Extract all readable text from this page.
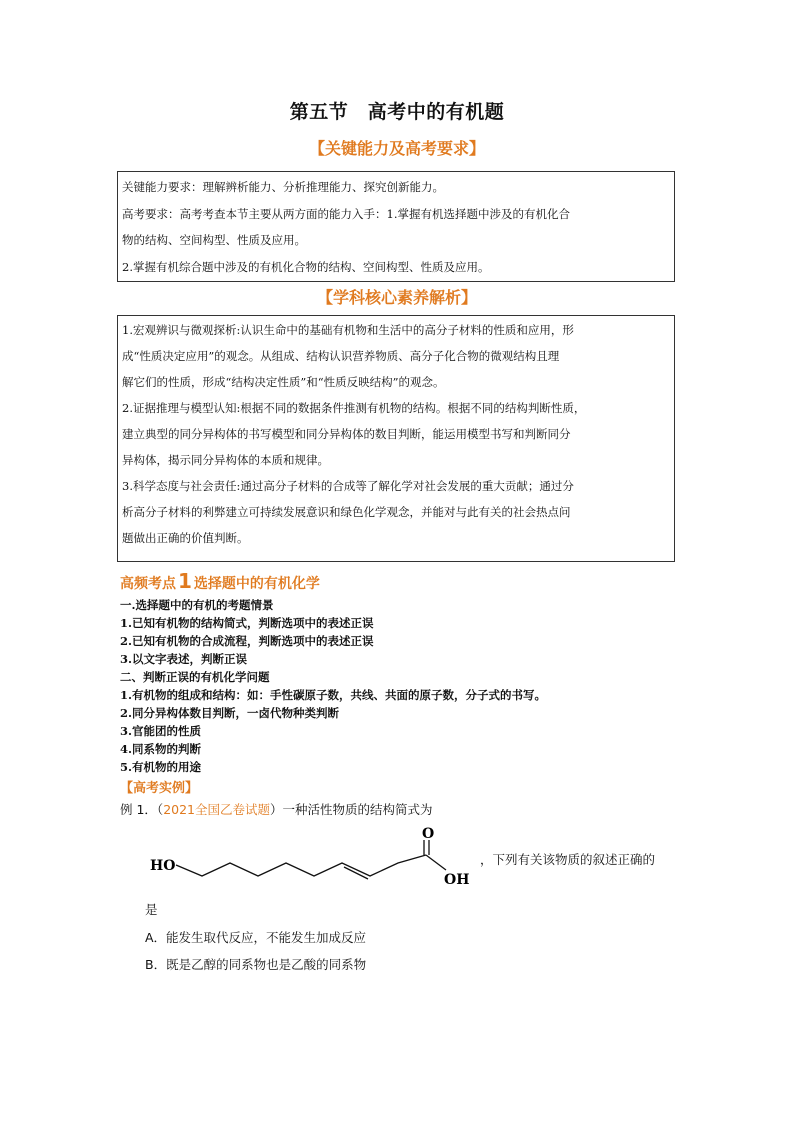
第五节　高考中的有机题
【关键能力及高考要求】

关键能力要求：理解辨析能力、分析推理能力、探究创新能力。

高考要求：高考考查本节主要从两方面的能力入手：1.掌握有机选择题中涉及的有机化合

物的结构、空间构型、性质及应用。

2.掌握有机综合题中涉及的有机化合物的结构、空间构型、性质及应用。

【学科核心素养解析】

1.宏观辨识与微观探析:认识生命中的基础有机物和生活中的高分子材料的性质和应用，形

成“性质决定应用”的观念。从组成、结构认识营养物质、高分子化合物的微观结构且理

解它们的性质，形成“结构决定性质”和“性质反映结构”的观念。

2.证据推理与模型认知:根据不同的数据条件推测有机物的结构。根据不同的结构判断性质，

建立典型的同分异构体的书写模型和同分异构体的数目判断，能运用模型书写和判断同分

异构体，揭示同分异构体的本质和规律。

3.科学态度与社会责任:通过高分子材料的合成等了解化学对社会发展的重大贡献；通过分

析高分子材料的利弊建立可持续发展意识和绿色化学观念，并能对与此有关的社会热点问

题做出正确的价值判断。

高频考点 1 选择题中的有机化学

一.选择题中的有机的考题情景

1.已知有机物的结构简式，判断选项中的表述正误

2.已知有机物的合成流程，判断选项中的表述正误

3.以文字表述，判断正误

二、判断正误的有机化学问题

1.有机物的组成和结构：如：手性碳原子数，共线、共面的原子数，分子式的书写。

2.同分异构体数目判断，一卤代物种类判断

3.官能团的性质

4.同系物的判断

5.有机物的用途

【高考实例】
例 1．（2021全国乙卷试题）一种活性物质的结构简式为
HO
O
OH
，下列有关该物质的叙述正确的
是
A．能发生取代反应，不能发生加成反应
B．既是乙醇的同系物也是乙酸的同系物
